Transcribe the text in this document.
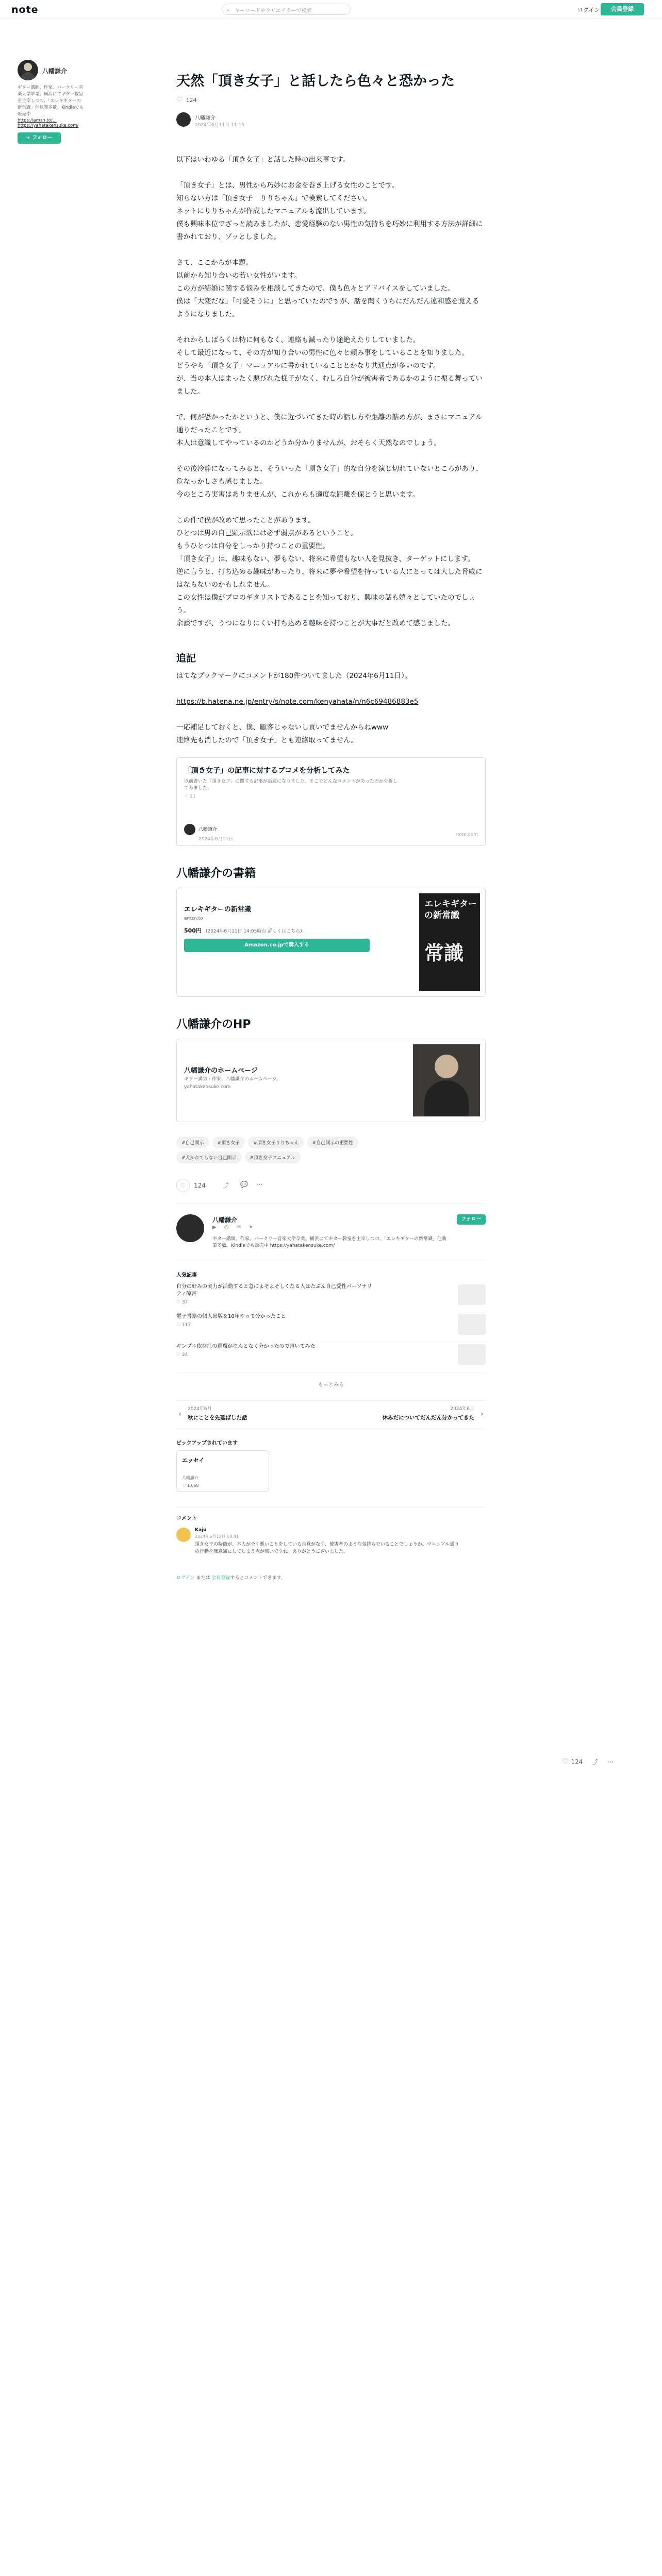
note	⌕ キーワードやクリエイターで検索	ログイン	会員登録
八幡謙介
ギター講師、作家。バークリー音楽大学卒業。横浜にてギター教室を主宰しつつ、「エレキギターの新常識」他執筆多数。Kindleでも販売中
https://amzn.to/...
https://yahatakensuke.com/
+ フォロー
天然「頂き女子」と話したら色々と恐かった
♡ 124
八幡謙介
2024年6月11日 11:16

以下はいわゆる「頂き女子」と話した時の出来事です。

「頂き女子」とは、男性から巧妙にお金を巻き上げる女性のことです。

知らない方は「頂き女子　りりちゃん」で検索してください。

ネットにりりちゃんが作成したマニュアルも流出しています。

僕も興味本位でざっと読みましたが、恋愛経験のない男性の気持ちを巧妙に利用する方法が詳細に書かれており、ゾッとしました。

さて、ここからが本題。

以前から知り合いの若い女性がいます。

この方が結婚に関する悩みを相談してきたので、僕も色々とアドバイスをしていました。

僕は「大変だな」「可愛そうに」と思っていたのですが、話を聞くうちにだんだん違和感を覚えるようになりました。

それからしばらくは特に何もなく、連絡も減ったり途絶えたりしていました。

そして最近になって、その方が知り合いの男性に色々と頼み事をしていることを知りました。

どうやら「頂き女子」マニュアルに書かれていることとかなり共通点が多いのです。

が、当の本人はまったく悪びれた様子がなく、むしろ自分が被害者であるかのように振る舞っていました。

で、何が恐かったかというと、僕に近づいてきた時の話し方や距離の詰め方が、まさにマニュアル通りだったことです。

本人は意識してやっているのかどうか分かりませんが、おそらく天然なのでしょう。

その後冷静になってみると、そういった「頂き女子」的な自分を演じ切れていないところがあり、危なっかしさも感じました。

今のところ実害はありませんが、これからも適度な距離を保とうと思います。

この件で僕が改めて思ったことがあります。

ひとつは男の自己顕示欲には必ず弱点があるということ。

もうひとつは自分をしっかり持つことの重要性。

「頂き女子」は、趣味もない、夢もない、将来に希望もない人を見抜き、ターゲットにします。

逆に言うと、打ち込める趣味があったり、将来に夢や希望を持っている人にとっては大した脅威にはならないのかもしれません。

この女性は僕がプロのギタリストであることを知っており、興味の話も嬉々としていたのでしょう。

余談ですが、うつになりにくい打ち込める趣味を持つことが大事だと改めて感じました。

追記

はてなブックマークにコメントが180件ついてました（2024年6月11日）。

https://b.hatena.ne.jp/entry/s/note.com/kenyahata/n/n6c6948688​3e5

一応補足しておくと、僕、顧客じゃないし貢いでませんからねwww

連絡先も消したので「頂き女子」とも連絡取ってません。

「頂き女子」の記事に対するブコメを分析してみた
以前書いた「頂き女子」に関する記事が話題になりました。そこでどんなコメントがあったのか分析してみました。
♡ 11
八幡謙介
2024年6月11日
note.com
八幡謙介の書籍
エレキギターの新常識
amzn.to
500円 (2024年6月11日 14:05時点 詳しくはこちら)
Amazon.co.jpで購入する
エレキギターの新常識
常識
八幡謙介のHP
八幡謙介のホームページ
ギター講師・作家、八幡謙介のホームページ。
yahatakensuke.com
#自己開示	#頂き女子	#頂き女子りりちゃん	#自己開示の重要性
#犬かれてもない自己開示	#頂き女子マニュアル
♡	124	⤴ 💬 ···
八幡謙介
▶ ◎ ✉ ✦
ギター講師、作家。バークリー音楽大学卒業。横浜にてギター教室を主宰しつつ、「エレキギターの新常識」他執筆多数。Kindleでも販売中 https://yahatakensuke.com/
フォロー
人気記事
自分の好みの実力が活動すると急によそよそしくなる人はたぶん自己愛性パーソナリティ障害
♡ 37
電子書籍の個人出版を10年やって分かったこと
♡ 117
ギンプル依存症の巡環がなんとなく分かったので書いてみた
♡ 24
もっとみる
‹
2024年6月
秋にことを先延ばした話
2024年6月
休みだについてだんだん分かってきた ›
ピックアップされています
エッセイ
八幡謙介
♡ 1,068
コメント
Kaju
2024年6月12日 08:41
頂き女子の特徴が、本人が全く悪いことをしている自覚がなく、被害者のような気持ちでいることでしょうか。マニュアル通りの行動を無意識にしてしまう点が怖いですね。ありがとうございました。
ログイン または 会員登録するとコメントできます。
♡ 124 ⤴ ···
